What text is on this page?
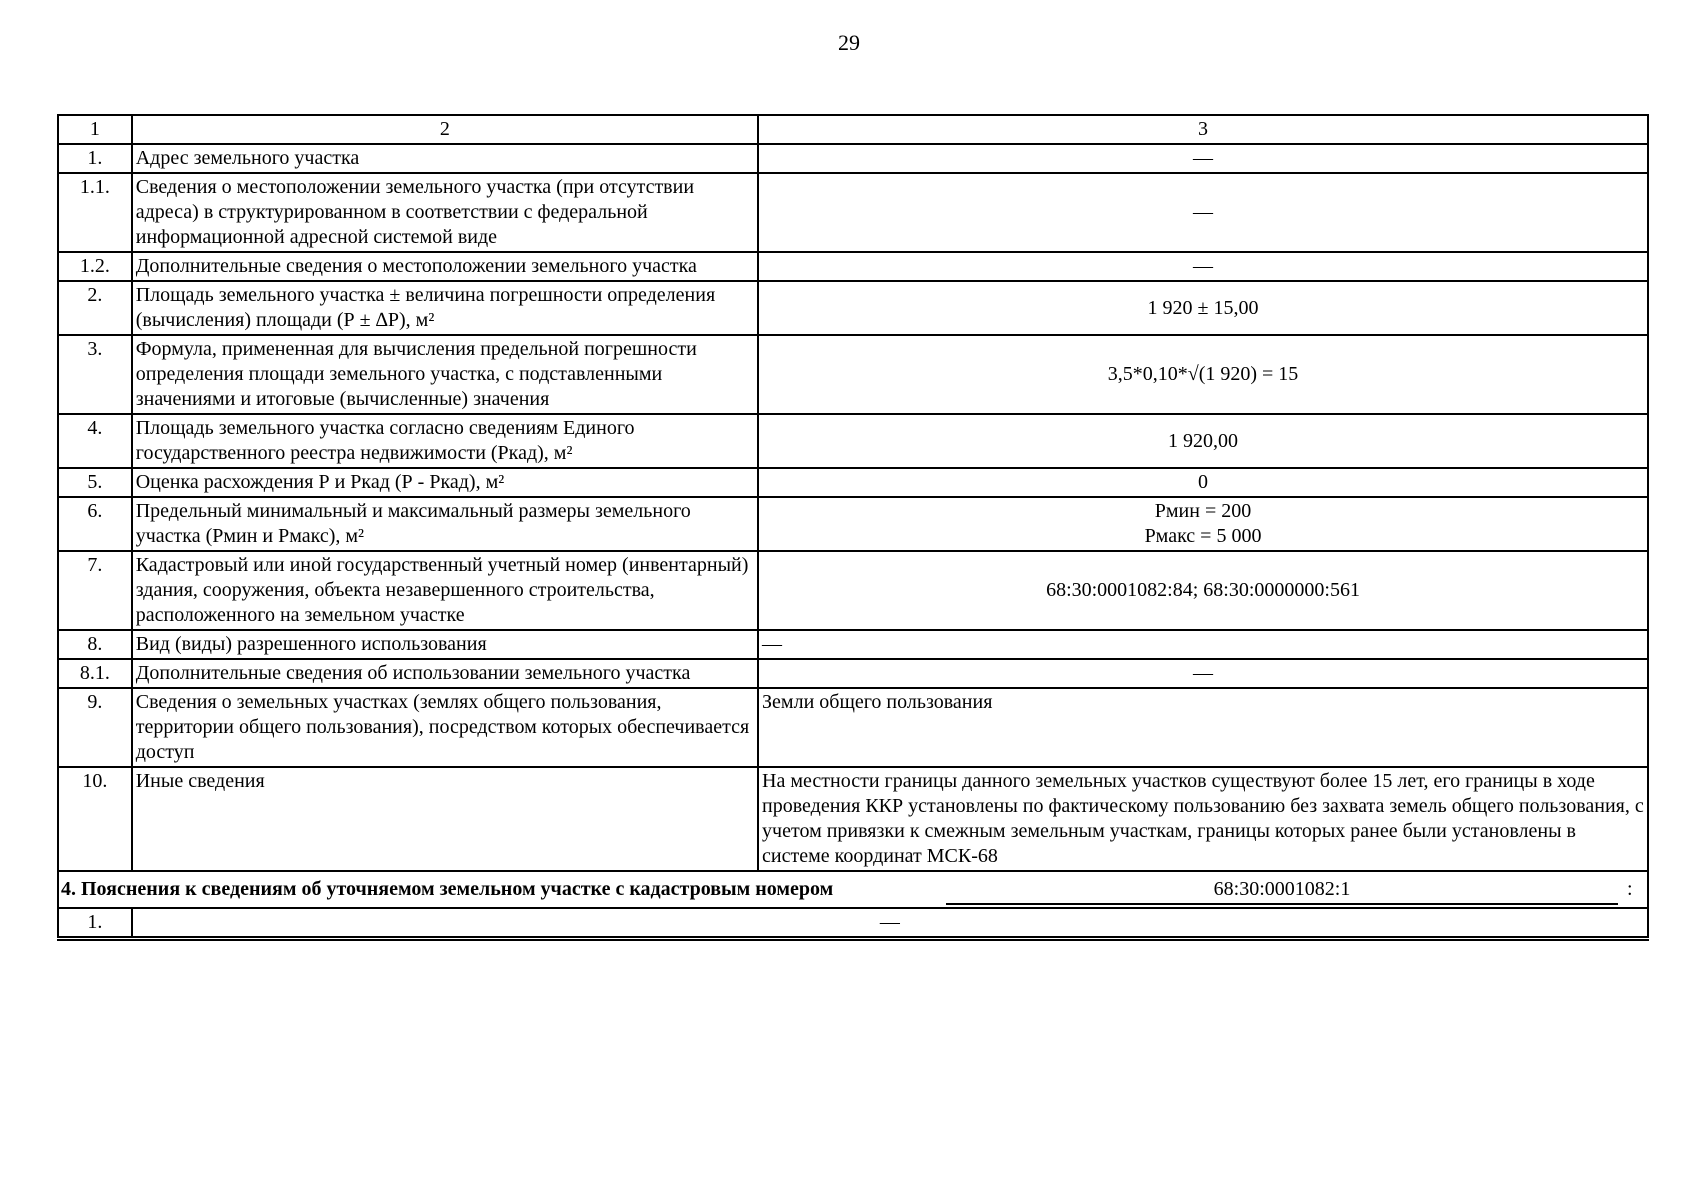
29
1	2	3
1.	Адрес земельного участка	—
1.1.	Сведения о местоположении земельного участка (при отсутствии адреса) в структурированном в соответствии с федеральной информационной адресной системой виде	—
1.2.	Дополнительные сведения о местоположении земельного участка	—
2.	Площадь земельного участка ± величина погрешности определения (вычисления) площади (Р ± ∆Р), м²	1 920 ± 15,00
3.	Формула, примененная для вычисления предельной погрешности определения площади земельного участка, с подставленными значениями и итоговые (вычисленные) значения	3,5*0,10*√(1 920) = 15
4.	Площадь земельного участка согласно сведениям Единого государственного реестра недвижимости (Ркад), м²	1 920,00
5.	Оценка расхождения Р и Ркад (Р - Ркад), м²	0
6.	Предельный минимальный и максимальный размеры земельного участка (Рмин и Рмакс), м²	Рмин = 200
Рмакс = 5 000

7.	Кадастровый или иной государственный учетный номер (инвентарный) здания, сооружения, объекта незавершенного строительства, расположенного на земельном участке	68:30:0001082:84; 68:30:0000000:561
8.	Вид (виды) разрешенного использования	—
8.1.	Дополнительные сведения об использовании земельного участка	—
9.	Сведения о земельных участках (землях общего пользования, территории общего пользования), посредством которых обеспечивается доступ	Земли общего пользования
10.	Иные сведения	На местности границы данного земельных участков существуют более 15 лет, его границы в ходе проведения ККР установлены по фактическому пользованию без захвата земель общего пользования, с учетом привязки к смежным земельным участкам, границы которых ранее были установлены в системе координат МСК-68

4. Пояснения к сведениям об уточняемом земельном участке с кадастровым номером 68:30:0001082:1 :		

1.	—	
